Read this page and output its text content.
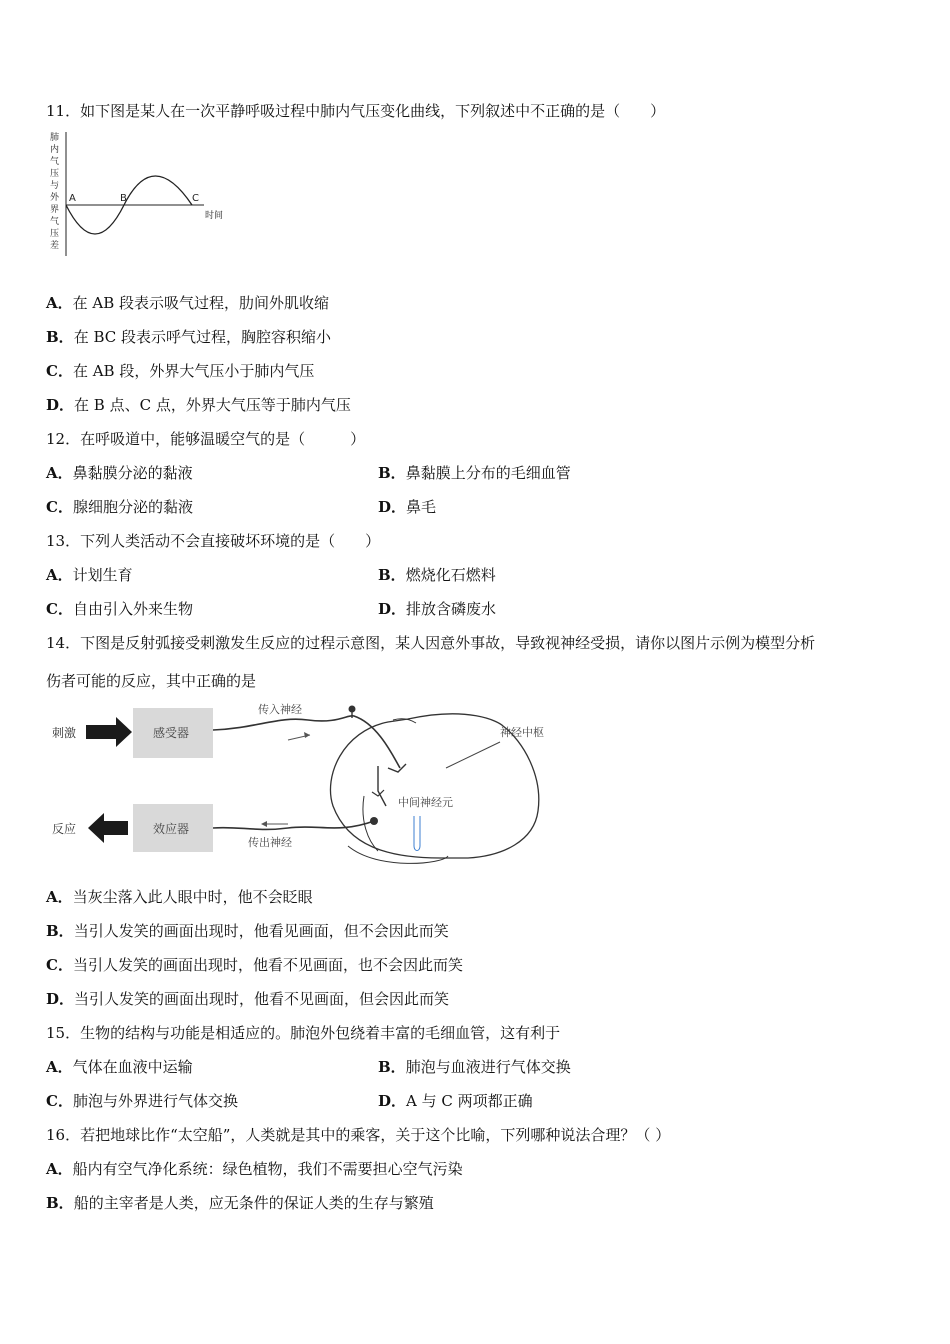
11．如下图是某人在一次平静呼吸过程中肺内气压变化曲线，下列叙述中不正确的是（　　）
肺
内
气
压
与
外
界
气
压
差
A	B	C
时间
A．在 AB 段表示吸气过程，肋间外肌收缩
B．在 BC 段表示呼气过程，胸腔容积缩小
C．在 AB 段，外界大气压小于肺内气压
D．在 B 点、C 点，外界大气压等于肺内气压
12．在呼吸道中，能够温暖空气的是（　　　）
A．鼻黏膜分泌的黏液	B．鼻黏膜上分布的毛细血管
C．腺细胞分泌的黏液	D．鼻毛
13．下列人类活动不会直接破坏环境的是（　　）
A．计划生育	B．燃烧化石燃料
C．自由引入外来生物	D．排放含磷废水
14．下图是反射弧接受刺激发生反应的过程示意图，某人因意外事故，导致视神经受损，请你以图片示例为模型分析
伤者可能的反应，其中正确的是
刺激	感受器
传入神经
中间神经元
神经中枢
传出神经
效应器
反应
A．当灰尘落入此人眼中时，他不会眨眼
B．当引人发笑的画面出现时，他看见画面，但不会因此而笑
C．当引人发笑的画面出现时，他看不见画面，也不会因此而笑
D．当引人发笑的画面出现时，他看不见画面，但会因此而笑
15．生物的结构与功能是相适应的。肺泡外包绕着丰富的毛细血管，这有利于
A．气体在血液中运输	B．肺泡与血液进行气体交换
C．肺泡与外界进行气体交换	D．A 与 C 两项都正确
16．若把地球比作“太空船”，人类就是其中的乘客，关于这个比喻，下列哪种说法合理？（ ）
A．船内有空气净化系统：绿色植物，我们不需要担心空气污染
B．船的主宰者是人类，应无条件的保证人类的生存与繁殖
